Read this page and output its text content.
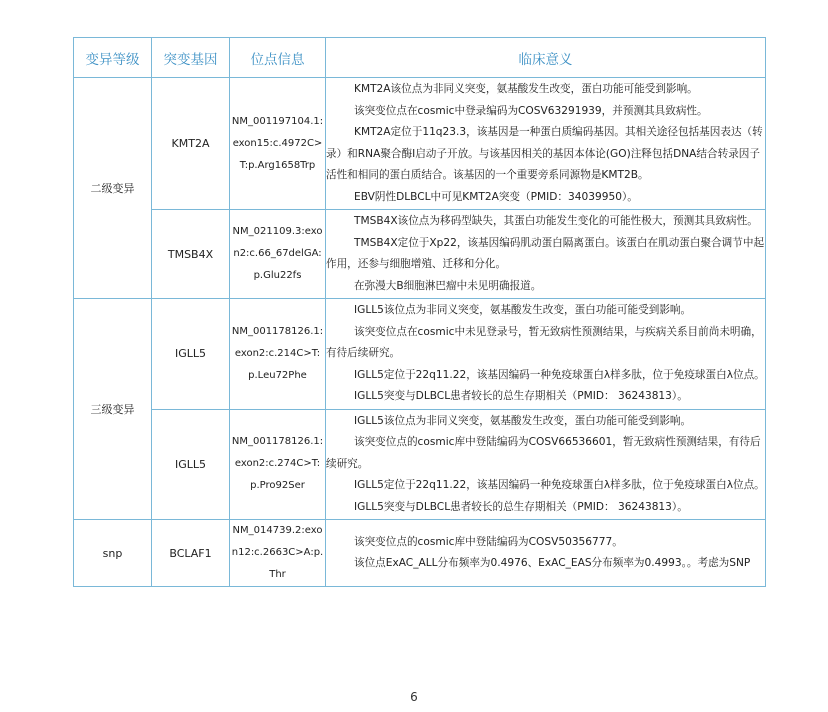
变异等级	突变基因	位点信息	临床意义
二级变异	KMT2A	NM_001197104.1:exon15:c.4972C>T:p.Arg1658Trp	KMT2A该位点为非同义突变，氨基酸发生改变，蛋白功能可能受到影响。

该突变位点在cosmic中登录编码为COSV63291939，并预测其具致病性。

KMT2A定位于11q23.3，该基因是一种蛋白质编码基因。其相关途径包括基因表达（转录）和RNA聚合酶I启动子开放。与该基因相关的基因本体论(GO)注释包括DNA结合转录因子活性和相同的蛋白质结合。该基因的一个重要旁系同源物是KMT2B。

EBV阴性DLBCL中可见KMT2A突变（PMID：34039950）。

	TMSB4X	NM_021109.3:exon2:c.66_67delGA:p.Glu22fs	TMSB4X该位点为移码型缺失，其蛋白功能发生变化的可能性极大，预测其具致病性。

TMSB4X定位于Xp22，该基因编码肌动蛋白隔离蛋白。该蛋白在肌动蛋白聚合调节中起作用，还参与细胞增殖、迁移和分化。

在弥漫大B细胞淋巴瘤中未见明确报道。

三级变异	IGLL5	NM_001178126.1:exon2:c.214C>T:p.Leu72Phe	IGLL5该位点为非同义突变，氨基酸发生改变，蛋白功能可能受到影响。

该突变位点在cosmic中未见登录号，暂无致病性预测结果，与疾病关系目前尚未明确，有待后续研究。

IGLL5定位于22q11.22，该基因编码一种免疫球蛋白λ样多肽，位于免疫球蛋白λ位点。

IGLL5突变与DLBCL患者较长的总生存期相关（PMID： 36243813）。

	IGLL5	NM_001178126.1:exon2:c.274C>T:p.Pro92Ser	IGLL5该位点为非同义突变，氨基酸发生改变，蛋白功能可能受到影响。

该突变位点的cosmic库中登陆编码为COSV66536601，暂无致病性预测结果，有待后续研究。

IGLL5定位于22q11.22，该基因编码一种免疫球蛋白λ样多肽，位于免疫球蛋白λ位点。

IGLL5突变与DLBCL患者较长的总生存期相关（PMID： 36243813）。

snp	BCLAF1	NM_014739.2:exon12:c.2663C>A:p.Thr	该突变位点的cosmic库中登陆编码为COSV50356777。

该位点ExAC_ALL分布频率为0.4976、ExAC_EAS分布频率为0.4993。。考虑为SNP

6
